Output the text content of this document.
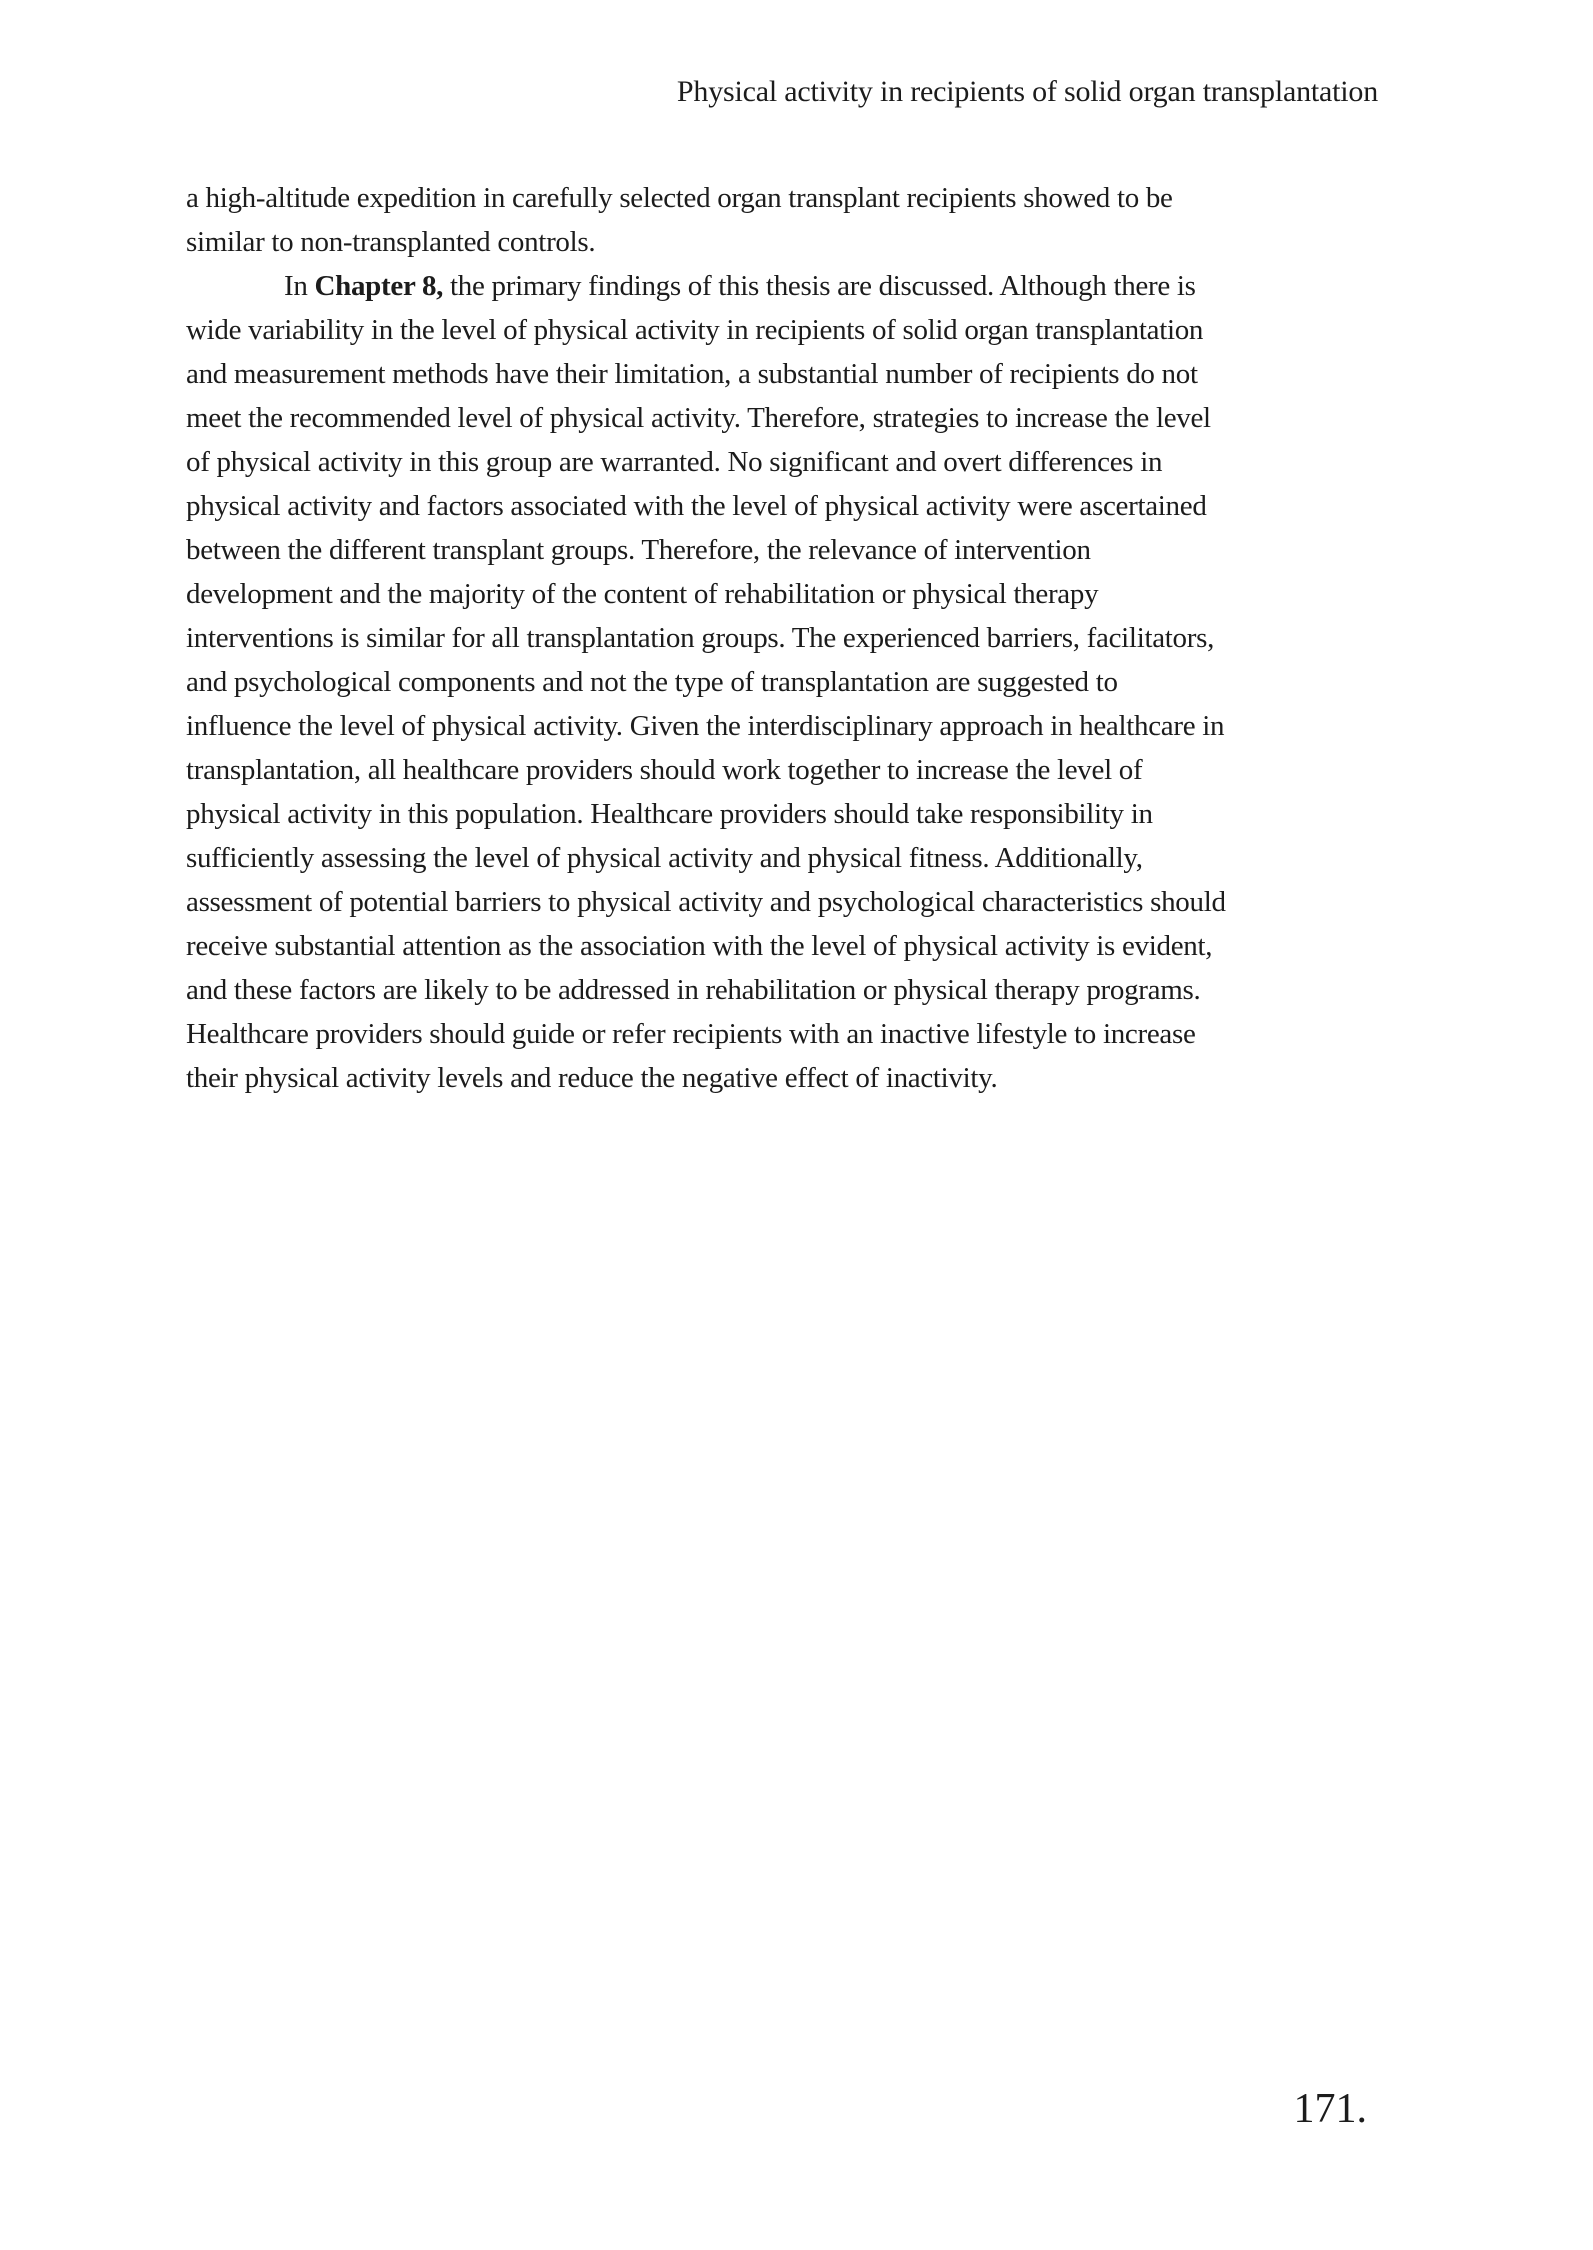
Physical activity in recipients of solid organ transplantation
a high-altitude expedition in carefully selected organ transplant recipients showed to be
similar to non-transplanted controls.
In Chapter 8, the primary findings of this thesis are discussed. Although there is
wide variability in the level of physical activity in recipients of solid organ transplantation
and measurement methods have their limitation, a substantial number of recipients do not
meet the recommended level of physical activity. Therefore, strategies to increase the level
of physical activity in this group are warranted. No significant and overt differences in
physical activity and factors associated with the level of physical activity were ascertained
between the different transplant groups. Therefore, the relevance of intervention
development and the majority of the content of rehabilitation or physical therapy
interventions is similar for all transplantation groups. The experienced barriers, facilitators,
and psychological components and not the type of transplantation are suggested to
influence the level of physical activity. Given the interdisciplinary approach in healthcare in
transplantation, all healthcare providers should work together to increase the level of
physical activity in this population. Healthcare providers should take responsibility in
sufficiently assessing the level of physical activity and physical fitness. Additionally,
assessment of potential barriers to physical activity and psychological characteristics should
receive substantial attention as the association with the level of physical activity is evident,
and these factors are likely to be addressed in rehabilitation or physical therapy programs.
Healthcare providers should guide or refer recipients with an inactive lifestyle to increase
their physical activity levels and reduce the negative effect of inactivity.
171.
